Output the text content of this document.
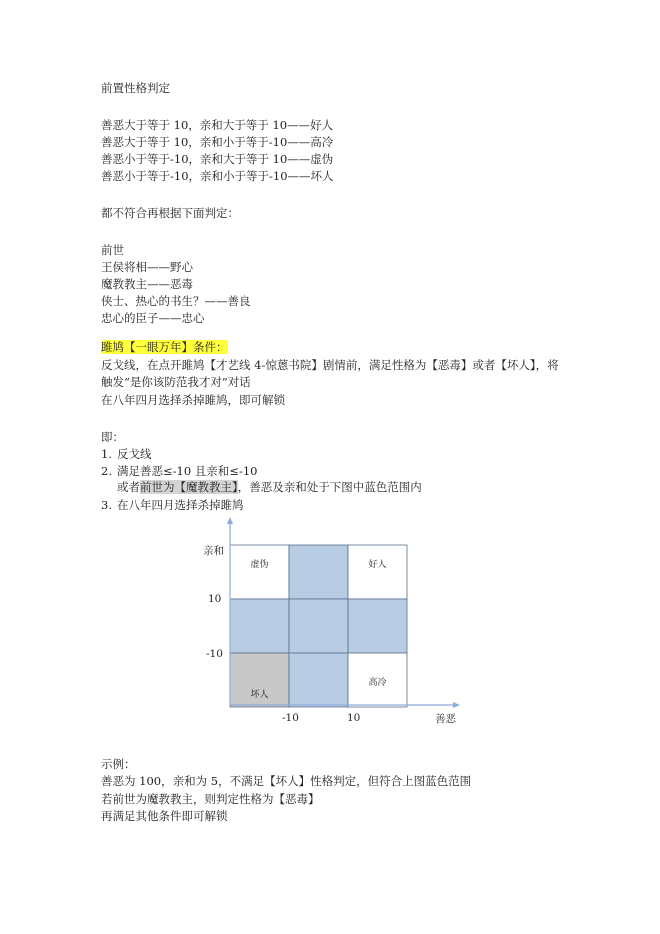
前置性格判定
善恶大于等于 10，亲和大于等于 10——好人
善恶大于等于 10，亲和小于等于-10——高冷
善恶小于等于-10，亲和大于等于 10——虚伪
善恶小于等于-10，亲和小于等于-10——坏人
都不符合再根据下面判定：
前世
王侯将相——野心
魔教教主——恶毒
侠士、热心的书生？——善良
忠心的臣子——忠心
雎鸠【一眼万年】条件：
反戈线，在点开雎鸠【才艺线 4-惊蒽书院】剧情前，满足性格为【恶毒】或者【坏人】，将
触发“是你该防范我才对”对话
在八年四月选择杀掉雎鸠，即可解锁
即：
1. 反戈线
2. 满足善恶≤-10 且亲和≤-10
或者前世为【魔教教主】，善恶及亲和处于下图中蓝色范围内
3. 在八年四月选择杀掉雎鸠
虚伪	好人
坏人
高冷
亲和
善恶
10
-10
-10	10
示例：
善恶为 100，亲和为 5，不满足【坏人】性格判定，但符合上图蓝色范围
若前世为魔教教主，则判定性格为【恶毒】
再满足其他条件即可解锁
